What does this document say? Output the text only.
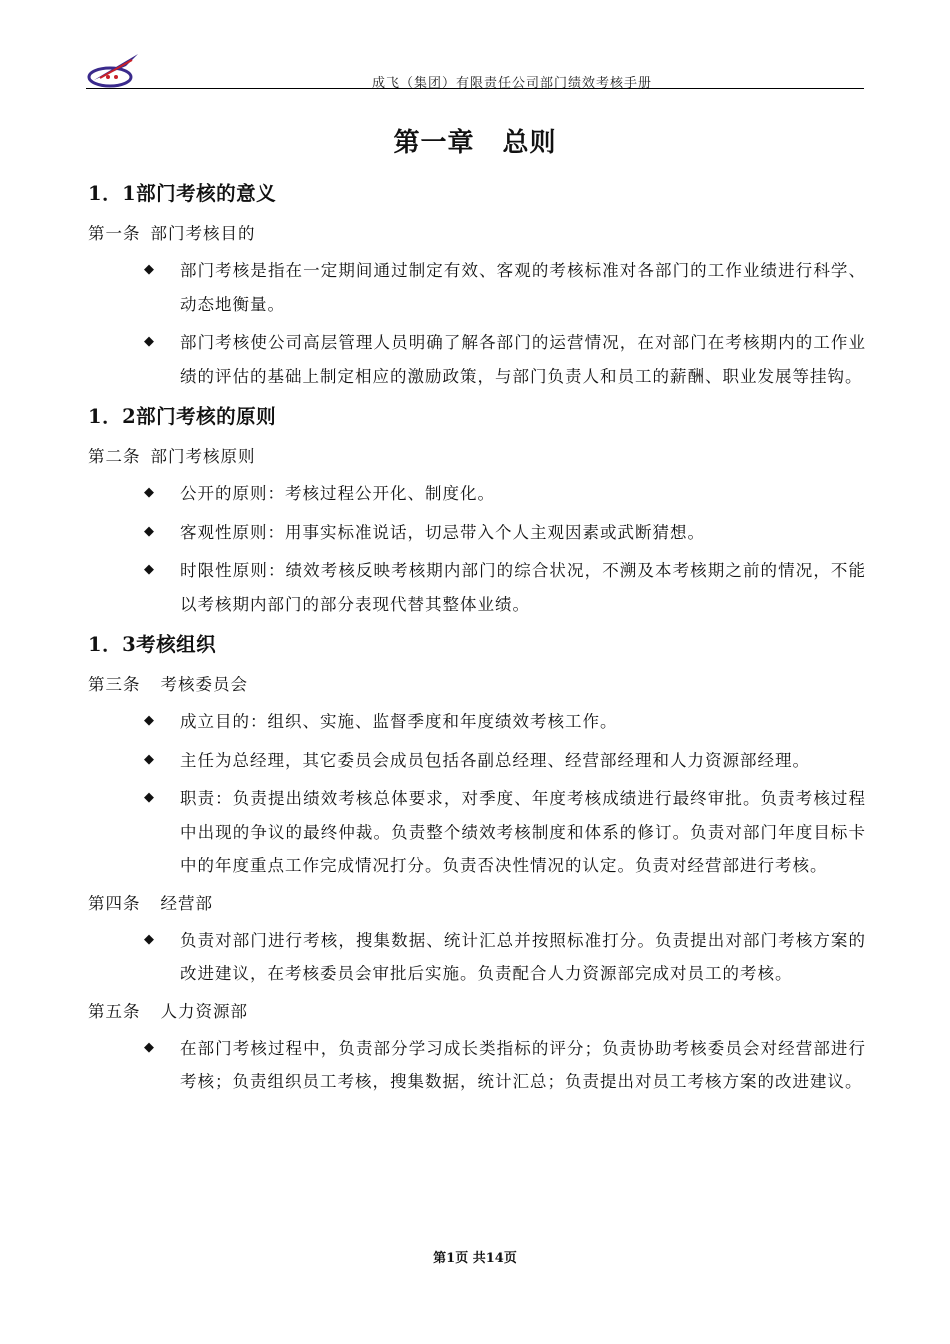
成飞（集团）有限责任公司部门绩效考核手册
第一章 总则
1．1部门考核的意义
第一条 部门考核目的
◆ 部门考核是指在一定期间通过制定有效、客观的考核标准对各部门的工作业绩进行科学、动态地衡量。
◆ 部门考核使公司高层管理人员明确了解各部门的运营情况，在对部门在考核期内的工作业绩的评估的基础上制定相应的激励政策，与部门负责人和员工的薪酬、职业发展等挂钩。
1．2部门考核的原则
第二条 部门考核原则
◆ 公开的原则：考核过程公开化、制度化。
◆ 客观性原则：用事实标准说话，切忌带入个人主观因素或武断猜想。
◆ 时限性原则：绩效考核反映考核期内部门的综合状况，不溯及本考核期之前的情况，不能以考核期内部门的部分表现代替其整体业绩。
1．3考核组织
第三条 考核委员会
◆ 成立目的：组织、实施、监督季度和年度绩效考核工作。
◆ 主任为总经理，其它委员会成员包括各副总经理、经营部经理和人力资源部经理。
◆ 职责：负责提出绩效考核总体要求，对季度、年度考核成绩进行最终审批。负责考核过程中出现的争议的最终仲裁。负责整个绩效考核制度和体系的修订。负责对部门年度目标卡中的年度重点工作完成情况打分。负责否决性情况的认定。负责对经营部进行考核。
第四条 经营部
◆ 负责对部门进行考核，搜集数据、统计汇总并按照标准打分。负责提出对部门考核方案的改进建议，在考核委员会审批后实施。负责配合人力资源部完成对员工的考核。
第五条 人力资源部
◆ 在部门考核过程中，负责部分学习成长类指标的评分；负责协助考核委员会对经营部进行考核；负责组织员工考核，搜集数据，统计汇总；负责提出对员工考核方案的改进建议。
第1页 共14页
